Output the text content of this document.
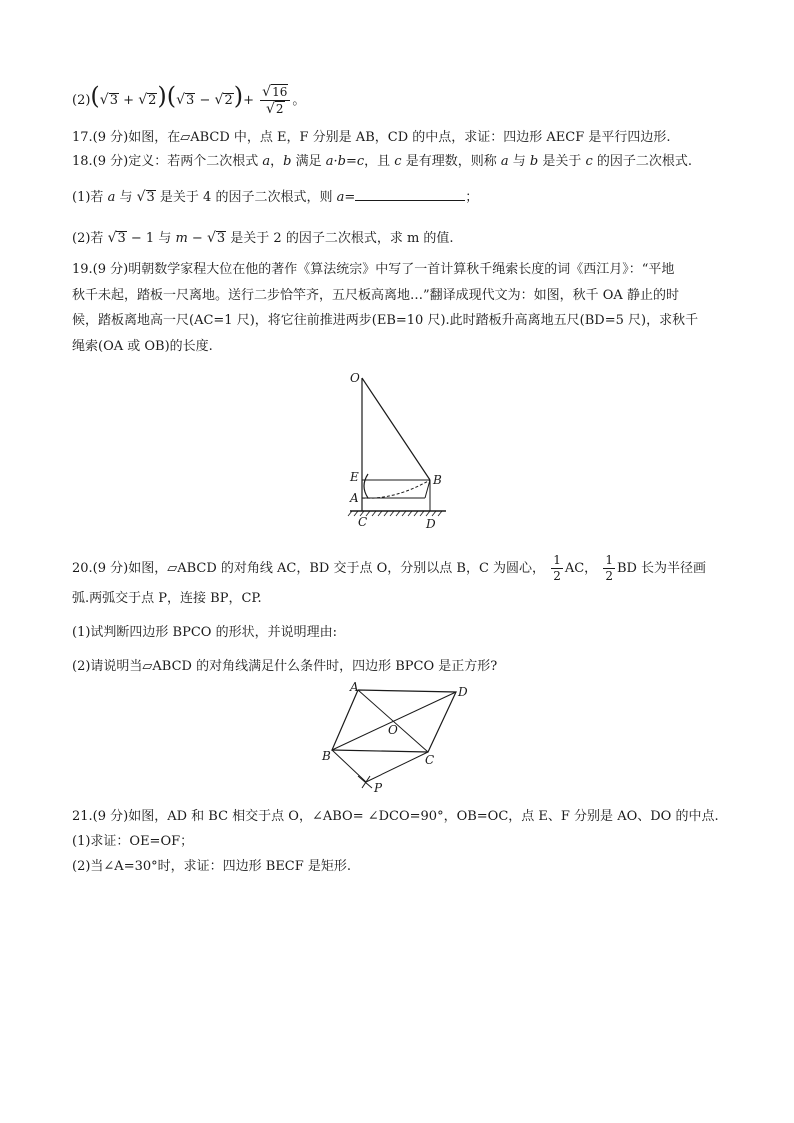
$(2)(√3 + √2)(√3 - √2)+ \frac{√16}{√2}$ 。
17.(9 分)如图，在▱ABCD 中，点 E，F 分别是 AB，CD 的中点，求证：四边形 AECF 是平行四边形.
18.(9 分)定义：若两个二次根式 a，b 满足 a·b=c，且 c 是有理数，则称 a 与 b 是关于 c 的因子二次根式.
(1)若 a 与 √3 是关于 4 的因子二次根式，则 a=	；
(2)若 √3 − 1 与 m − √3 是关于 2 的因子二次根式，求 m 的值.
19.(9 分)明朝数学家程大位在他的著作《算法统宗》中写了一首计算秋千绳索长度的词《西江月》：“平地
秋千未起，踏板一尺离地。送行二步恰竿齐，五尺板高离地…”翻译成现代文为：如图，秋千 OA 静止的时
候，踏板离地高一尺(AC=1 尺)，将它往前推进两步(EB=10 尺).此时踏板升高离地五尺(BD=5 尺)，求秋千
绳索(OA 或 OB)的长度.
O
E
A
B
C	D
20.(9 分)如图，▱ABCD 的对角线 AC，BD 交于点 O，分别以点 B，C 为圆心， $\frac{1}{2}$ AC， $\frac{1}{2}$ BD 长为半径画
弧.两弧交于点 P，连接 BP，CP.
(1)试判断四边形 BPCO 的形状，并说明理由:
(2)请说明当▱ABCD 的对角线满足什么条件时，四边形 BPCO 是正方形?
A	D
O
B	C
P
21.(9 分)如图，AD 和 BC 相交于点 O，∠ABO= ∠DCO=90°，OB=OC，点 E、F 分别是 AO、DO 的中点.
(1)求证：OE=OF；
(2)当∠A=30°时，求证：四边形 BECF 是矩形.
